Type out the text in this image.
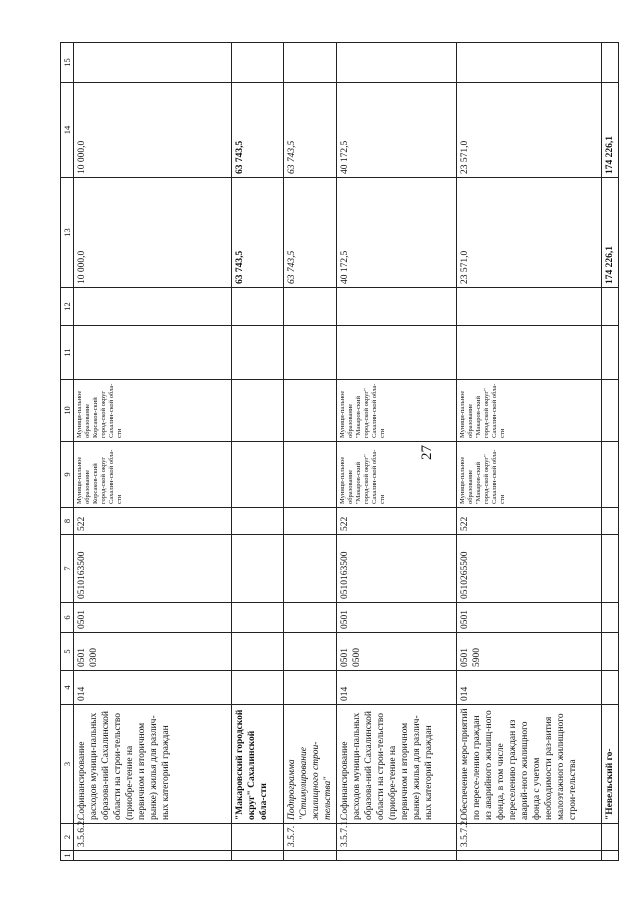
27
1	2	3	4	5	6	7	8	9	10	11	12	13	14	15
	3.5.6.2.	Софинансирование расходов муници-пальных образова-ний Сахалинской области на строи-тельство (приобре-тение на первичном и вторичном рынке) жилья для различ-ных категорий граждан	014	0501 0300	0501	0510163500	522	Муници-пальное образование Корсаков-ский город-ской округ Сахалин-ской обла-сти	Муници-пальное образование Корсаков-ский город-ской округ Сахалин-ской обла-сти			10 000,0	10 000,0	
		"Макаровский городской округ" Сахалинской обла-сти										63 743,5	63 743,5	
	3.5.7.	Подпрограмма "Стимулирование жилищного строи-тельства"										63 743,5	63 743,5	
	3.5.7.1.	Софинансирование расходов муници-пальных образова-ний Сахалинской области на строи-тельство (приобре-тение на первичном и вторичном рынке) жилья для различ-ных категорий граждан	014	0501 0500	0501	0510163500	522	Муници-пальное образование "Макаров-ский город-ской округ" Сахалин-ской обла-сти	Муници-пальное образование "Макаров-ский город-ской округ" Сахалин-ской обла-сти			40 172,5	40 172,5	
	3.5.7.2.	Обеспечение меро-приятий по пересе-лению граждан из аварийного жилищ-ного фонда, в том числе переселению граждан из аварий-ного жилищного фонда с учетом необходимости раз-вития малоэтажного жилищного строи-тельства	014	0501 5900	0501	0510265500	522	Муници-пальное образование "Макаров-ский город-ской округ" Сахалин-ской обла-сти	Муници-пальное образование "Макаров-ский город-ской округ" Сахалин-ской обла-сти			23 571,0	23 571,0	
		"Невельский го-										174 226,1	174 226,1	
